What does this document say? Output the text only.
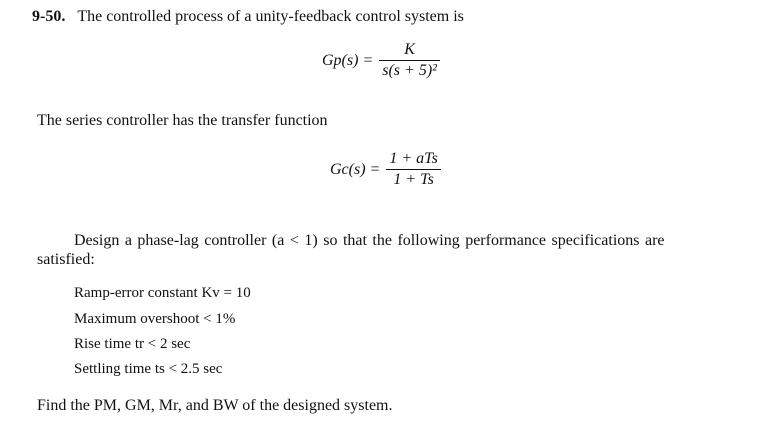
9-50. The controlled process of a unity-feedback control system is
$Gp(s) = \frac{K}{\text{s(s + 5)²}}$
The series controller has the transfer function
$Gc(s) = \frac{\text{1 + aTs}}{1 + Ts}$
Design a phase-lag controller (a < 1) so that the following performance specifications are
satisfied:
Ramp-error constant Kv = 10
Maximum overshoot < 1%
Rise time tr < 2 sec
Settling time ts < 2.5 sec
Find the PM, GM, Mr, and BW of the designed system.
